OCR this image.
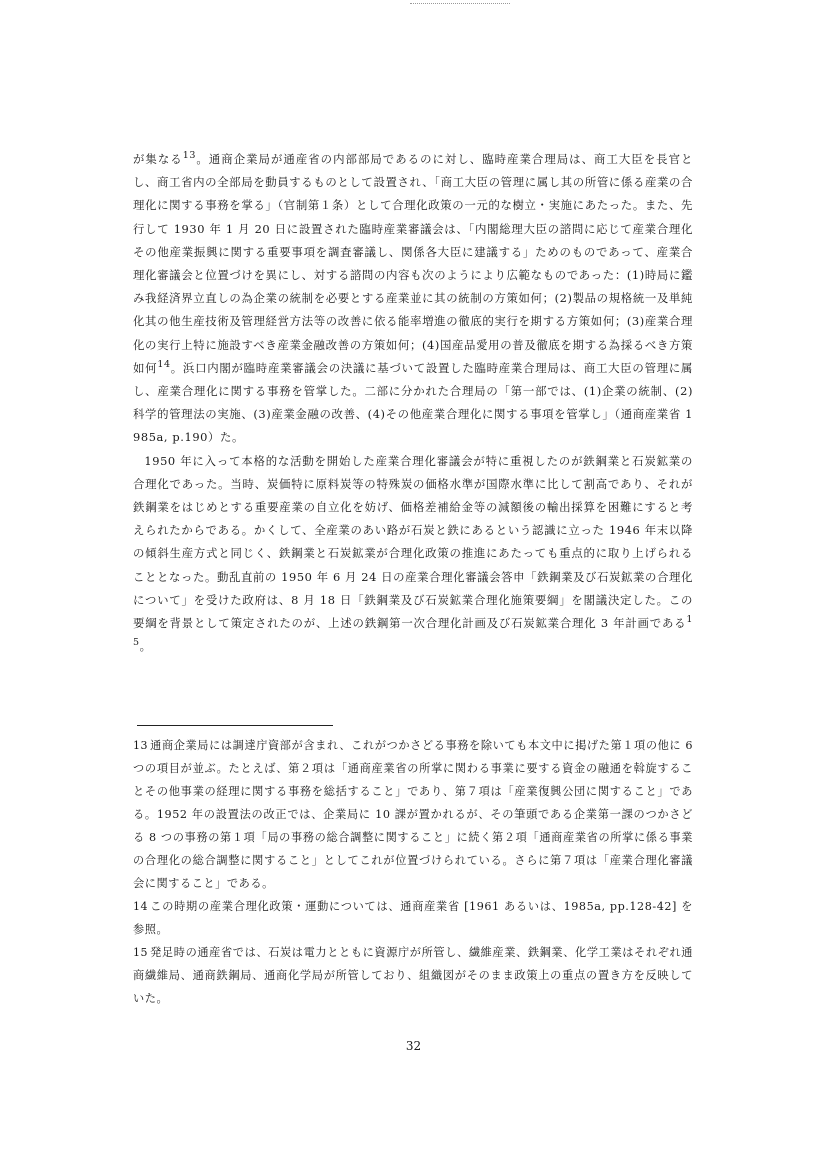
が集なる$^{13}$。通商企業局が通産省の内部部局であるのに対し、臨時産業合理局は、商工大臣を長官とし、商工省内の全部局を動員するものとして設置され、「商工大臣の管理に属し其の所管に係る産業の合理化に関する事務を掌る」（官制第１条）として合理化政策の一元的な樹立・実施にあたった。また、先行して 1930 年 1 月 20 日に設置された臨時産業審議会は、「内閣総理大臣の諮問に応じて産業合理化その他産業振興に関する重要事項を調査審議し、関係各大臣に建議する」ためのものであって、産業合理化審議会と位置づけを異にし、対する諮問の内容も次のようにより広範なものであった：(1)時局に鑑み我経済界立直しの為企業の統制を必要とする産業並に其の統制の方策如何；(2)製品の規格統一及単純化其の他生産技術及管理経営方法等の改善に依る能率増進の徹底的実行を期する方策如何；(3)産業合理化の実行上特に施設すべき産業金融改善の方策如何；(4)国産品愛用の普及徹底を期する為採るべき方策如何$^{14}$。浜口内閣が臨時産業審議会の決議に基づいて設置した臨時産業合理局は、商工大臣の管理に属し、産業合理化に関する事務を管掌した。二部に分かれた合理局の「第一部では、(1)企業の統制、(2)科学的管理法の実施、(3)産業金融の改善、(4)その他産業合理化に関する事項を管掌し」（通商産業省 1985a, p.190）た。

1950 年に入って本格的な活動を開始した産業合理化審議会が特に重視したのが鉄鋼業と石炭鉱業の合理化であった。当時、炭価特に原料炭等の特殊炭の価格水準が国際水準に比して割高であり、それが鉄鋼業をはじめとする重要産業の自立化を妨げ、価格差補給金等の減額後の輸出採算を困難にすると考えられたからである。かくして、全産業のあい路が石炭と鉄にあるという認識に立った 1946 年末以降の傾斜生産方式と同じく、鉄鋼業と石炭鉱業が合理化政策の推進にあたっても重点的に取り上げられることとなった。動乱直前の 1950 年 6 月 24 日の産業合理化審議会答申「鉄鋼業及び石炭鉱業の合理化について」を受けた政府は、8 月 18 日「鉄鋼業及び石炭鉱業合理化施策要綱」を閣議決定した。この要綱を背景として策定されたのが、上述の鉄鋼第一次合理化計画及び石炭鉱業合理化 3 年計画である$^{15}$。

13 通商企業局には調達庁資部が含まれ、これがつかさどる事務を除いても本文中に掲げた第１項の他に 6 つの項目が並ぶ。たとえば、第２項は「通商産業省の所掌に関わる事業に要する資金の融通を斡旋することその他事業の経理に関する事務を総括すること」であり、第７項は「産業復興公団に関すること」である。1952 年の設置法の改正では、企業局に 10 課が置かれるが、その筆頭である企業第一課のつかさどる 8 つの事務の第１項「局の事務の総合調整に関すること」に続く第２項「通商産業省の所掌に係る事業の合理化の総合調整に関すること」としてこれが位置づけられている。さらに第７項は「産業合理化審議会に関すること」である。

14 この時期の産業合理化政策・運動については、通商産業省 [1961 あるいは、1985a, pp.128-42] を参照。

15 発足時の通産省では、石炭は電力とともに資源庁が所管し、繊維産業、鉄鋼業、化学工業はそれぞれ通商繊維局、通商鉄鋼局、通商化学局が所管しており、組織図がそのまま政策上の重点の置き方を反映していた。

32
